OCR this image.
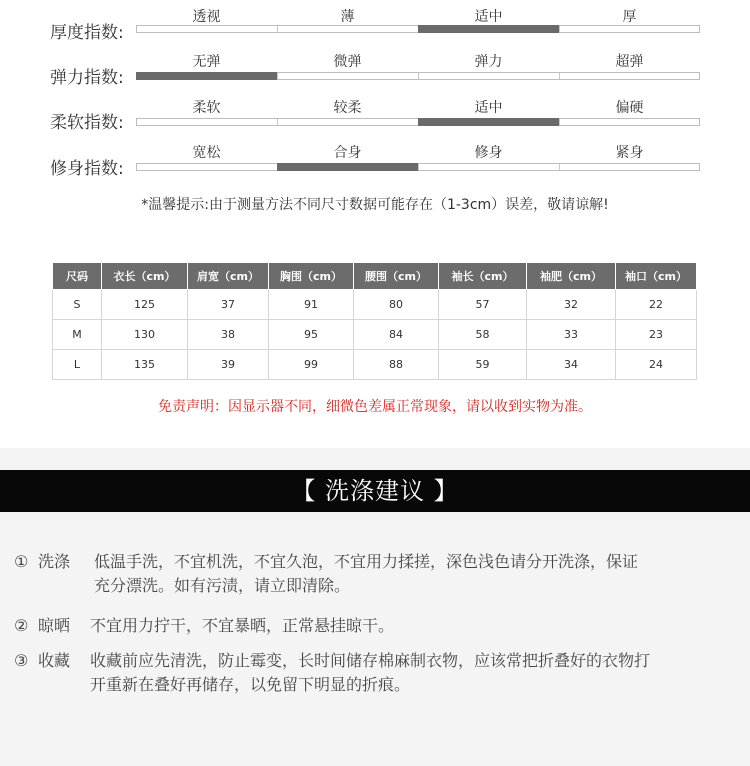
厚度指数:
透视	薄	适中	厚
弹力指数:
无弹	微弹	弹力	超弹
柔软指数:
柔软	较柔	适中	偏硬
修身指数:
宽松	合身	修身	紧身
*温馨提示:由于测量方法不同尺寸数据可能存在（1-3cm）误差，敬请谅解!
尺码	衣长（cm）	肩宽（cm）	胸围（cm）	腰围（cm）	袖长（cm）	袖肥（cm）	袖口（cm）
S	125	37	91	80	57	32	22
M	130	38	95	84	58	33	23
L	135	39	99	88	59	34	24
免责声明：因显示器不同，细微色差属正常现象，请以收到实物为准。
【 洗涤建议 】
① 洗涤 低温手洗，不宜机洗，不宜久泡，不宜用力揉搓，深色浅色请分开洗涤，保证
充分漂洗。如有污渍，请立即清除。
② 晾晒 不宜用力拧干，不宜暴晒，正常悬挂晾干。
③ 收藏 收藏前应先清洗，防止霉变，长时间储存棉麻制衣物，应该常把折叠好的衣物打
开重新在叠好再储存，以免留下明显的折痕。
